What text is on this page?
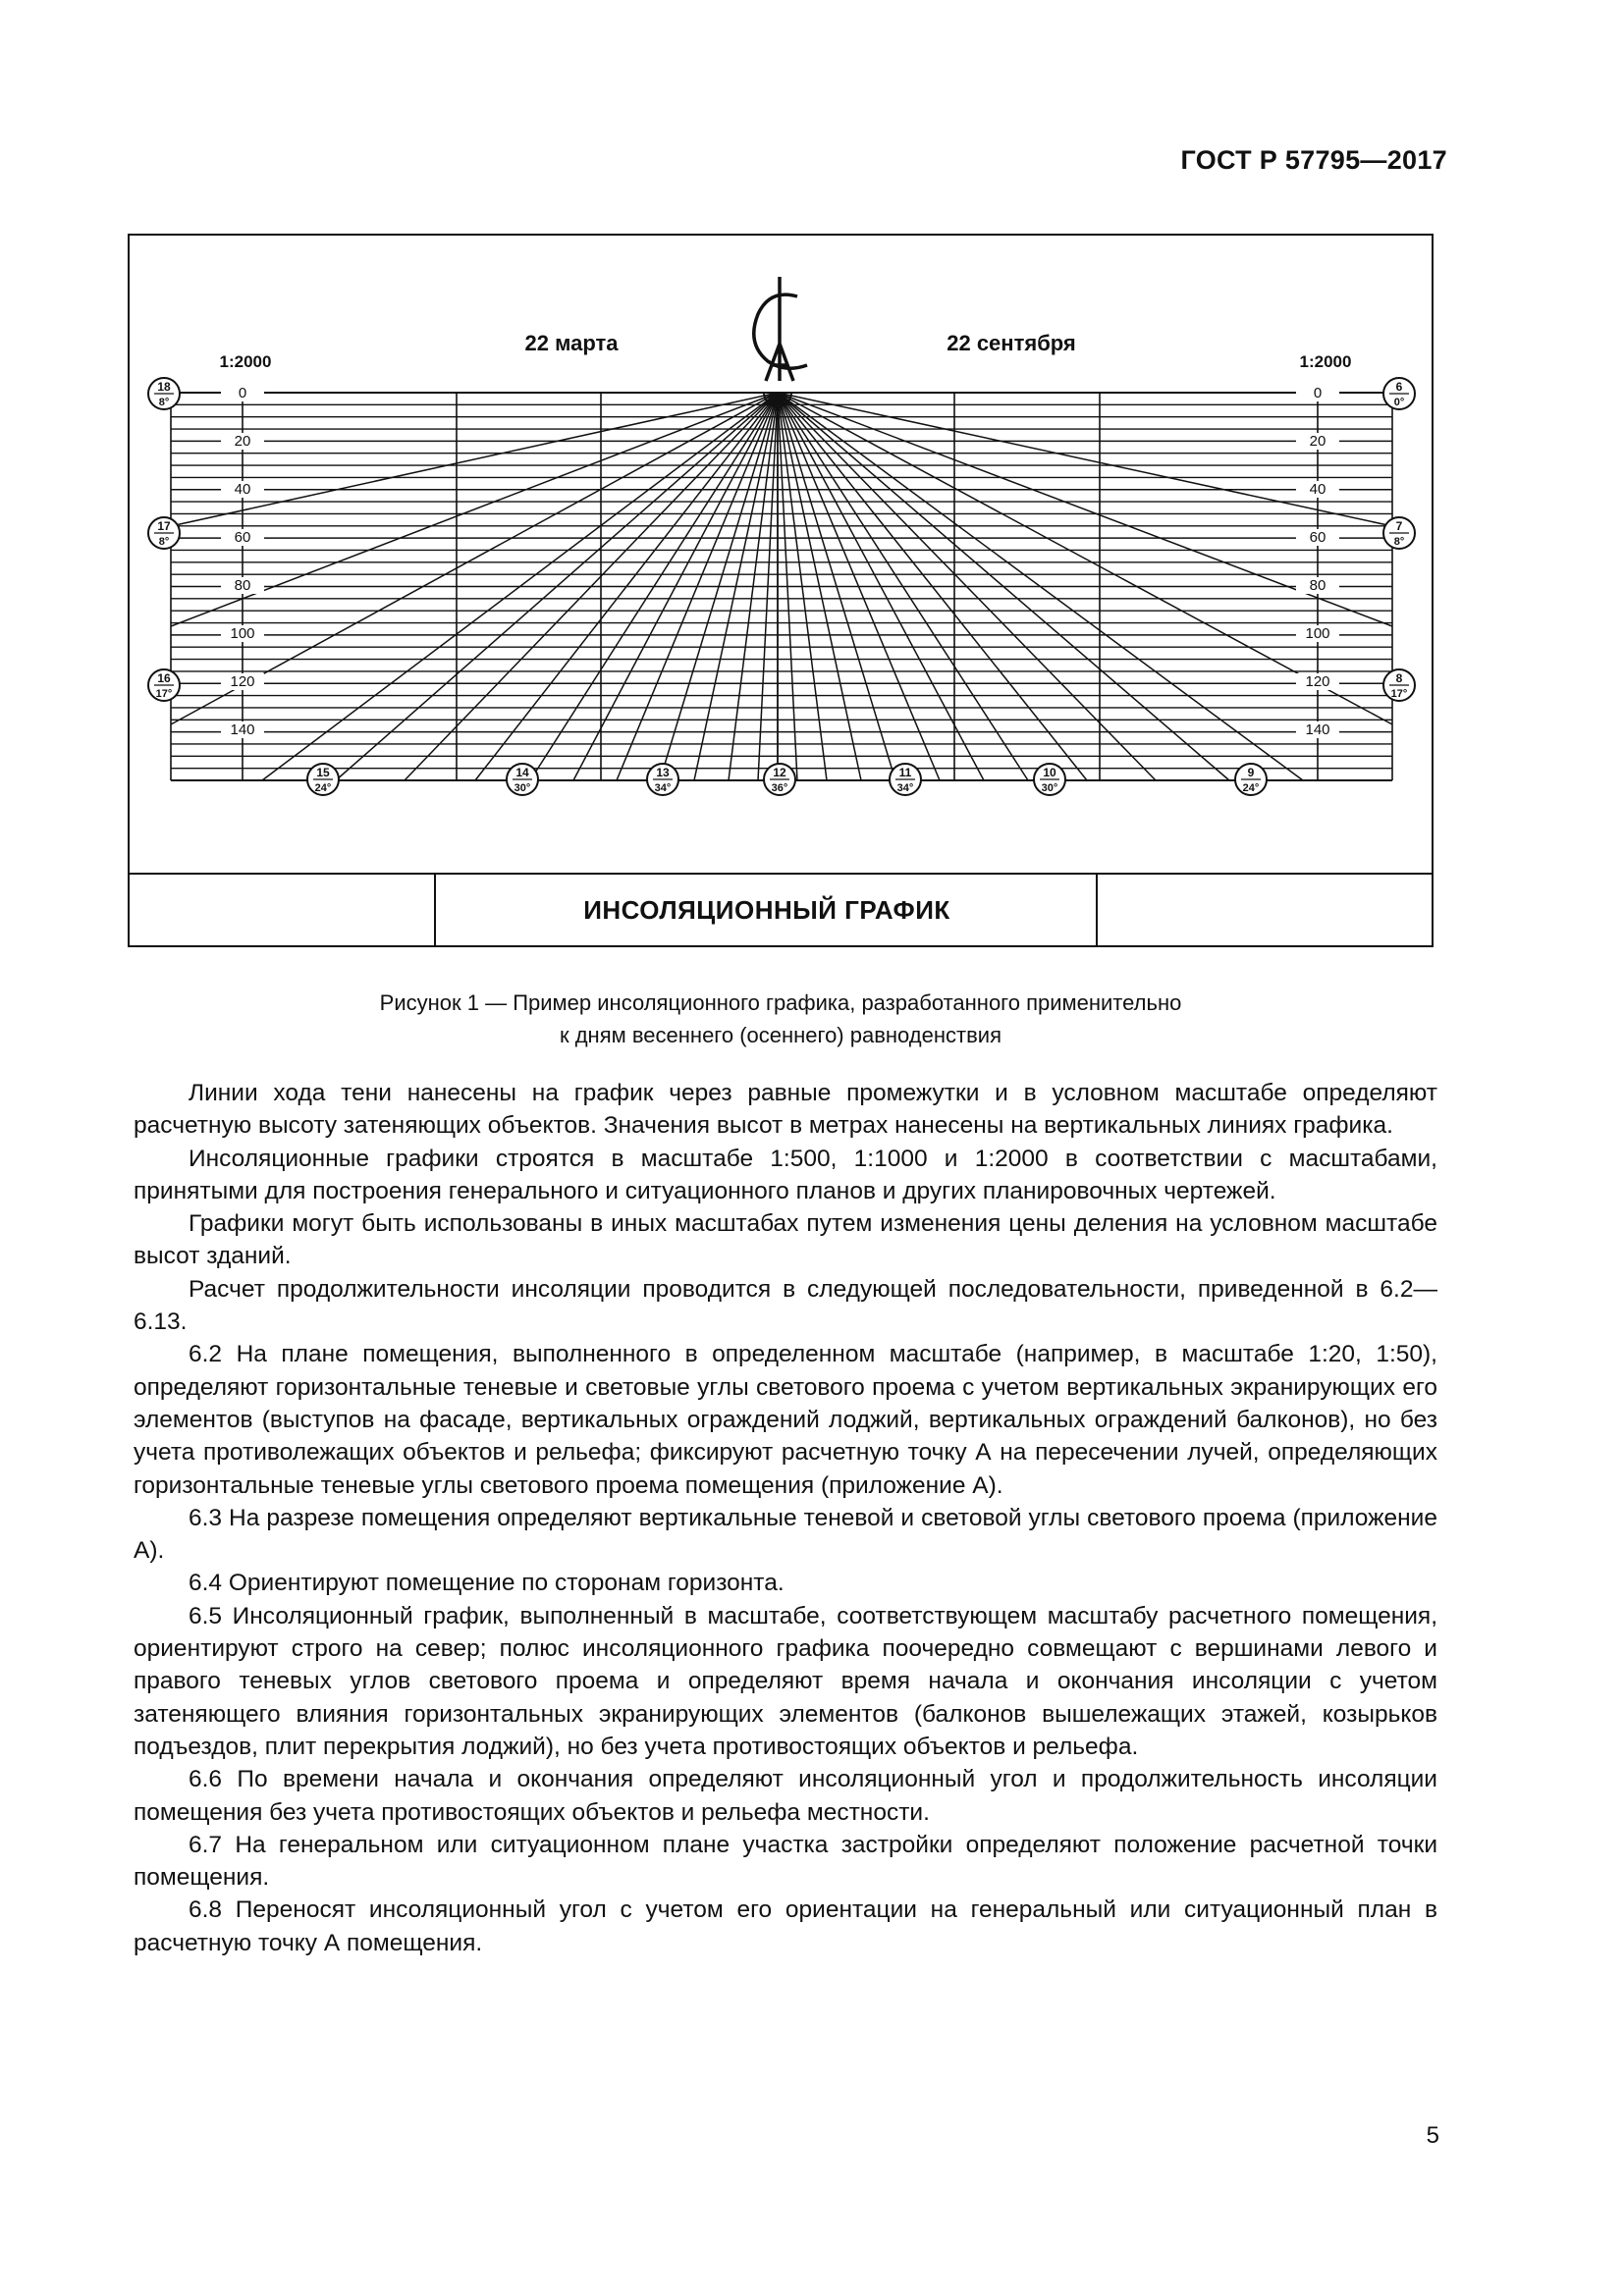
ГОСТ Р 57795—2017
0	0
20	20
40	40
60	60
80	80
100	100
120	120
140	140
1:2000	1:2000
22 марта	22 сентября
18
8°
17
8°
16
17°
6
0°
7
8°
8
17°
15
24°
14
30°
13
34°
12
36°
11
34°
10
30°
9
24°
ИНСОЛЯЦИОННЫЙ ГРАФИК
Рисунок 1 — Пример инсоляционного графика, разработанного применительно
к дням весеннего (осеннего) равноденствия

Линии хода тени нанесены на график через равные промежутки и в условном масштабе определяют расчетную высоту затеняющих объектов. Значения высот в метрах нанесены на вертикальных линиях графика.

Инсоляционные графики строятся в масштабе 1:500, 1:1000 и 1:2000 в соответствии с масштабами, принятыми для построения генерального и ситуационного планов и других планировочных чертежей.

Графики могут быть использованы в иных масштабах путем изменения цены деления на условном масштабе высот зданий.

Расчет продолжительности инсоляции проводится в следующей последовательности, приведенной в 6.2—6.13.

6.2 На плане помещения, выполненного в определенном масштабе (например, в масштабе 1:20, 1:50), определяют горизонтальные теневые и световые углы светового проема с учетом вертикальных экранирующих его элементов (выступов на фасаде, вертикальных ограждений лоджий, вертикальных ограждений балконов), но без учета противолежащих объектов и рельефа; фиксируют расчетную точку А на пересечении лучей, определяющих горизонтальные теневые углы светового проема помещения (приложение А).

6.3 На разрезе помещения определяют вертикальные теневой и световой углы светового проема (приложение А).

6.4 Ориентируют помещение по сторонам горизонта.

6.5 Инсоляционный график, выполненный в масштабе, соответствующем масштабу расчетного помещения, ориентируют строго на север; полюс инсоляционного графика поочередно совмещают с вершинами левого и правого теневых углов светового проема и определяют время начала и окончания инсоляции с учетом затеняющего влияния горизонтальных экранирующих элементов (балконов вышележащих этажей, козырьков подъездов, плит перекрытия лоджий), но без учета противостоящих объектов и рельефа.

6.6 По времени начала и окончания определяют инсоляционный угол и продолжительность инсоляции помещения без учета противостоящих объектов и рельефа местности.

6.7 На генеральном или ситуационном плане участка застройки определяют положение расчетной точки помещения.

6.8 Переносят инсоляционный угол с учетом его ориентации на генеральный или ситуационный план в расчетную точку А помещения.

5
